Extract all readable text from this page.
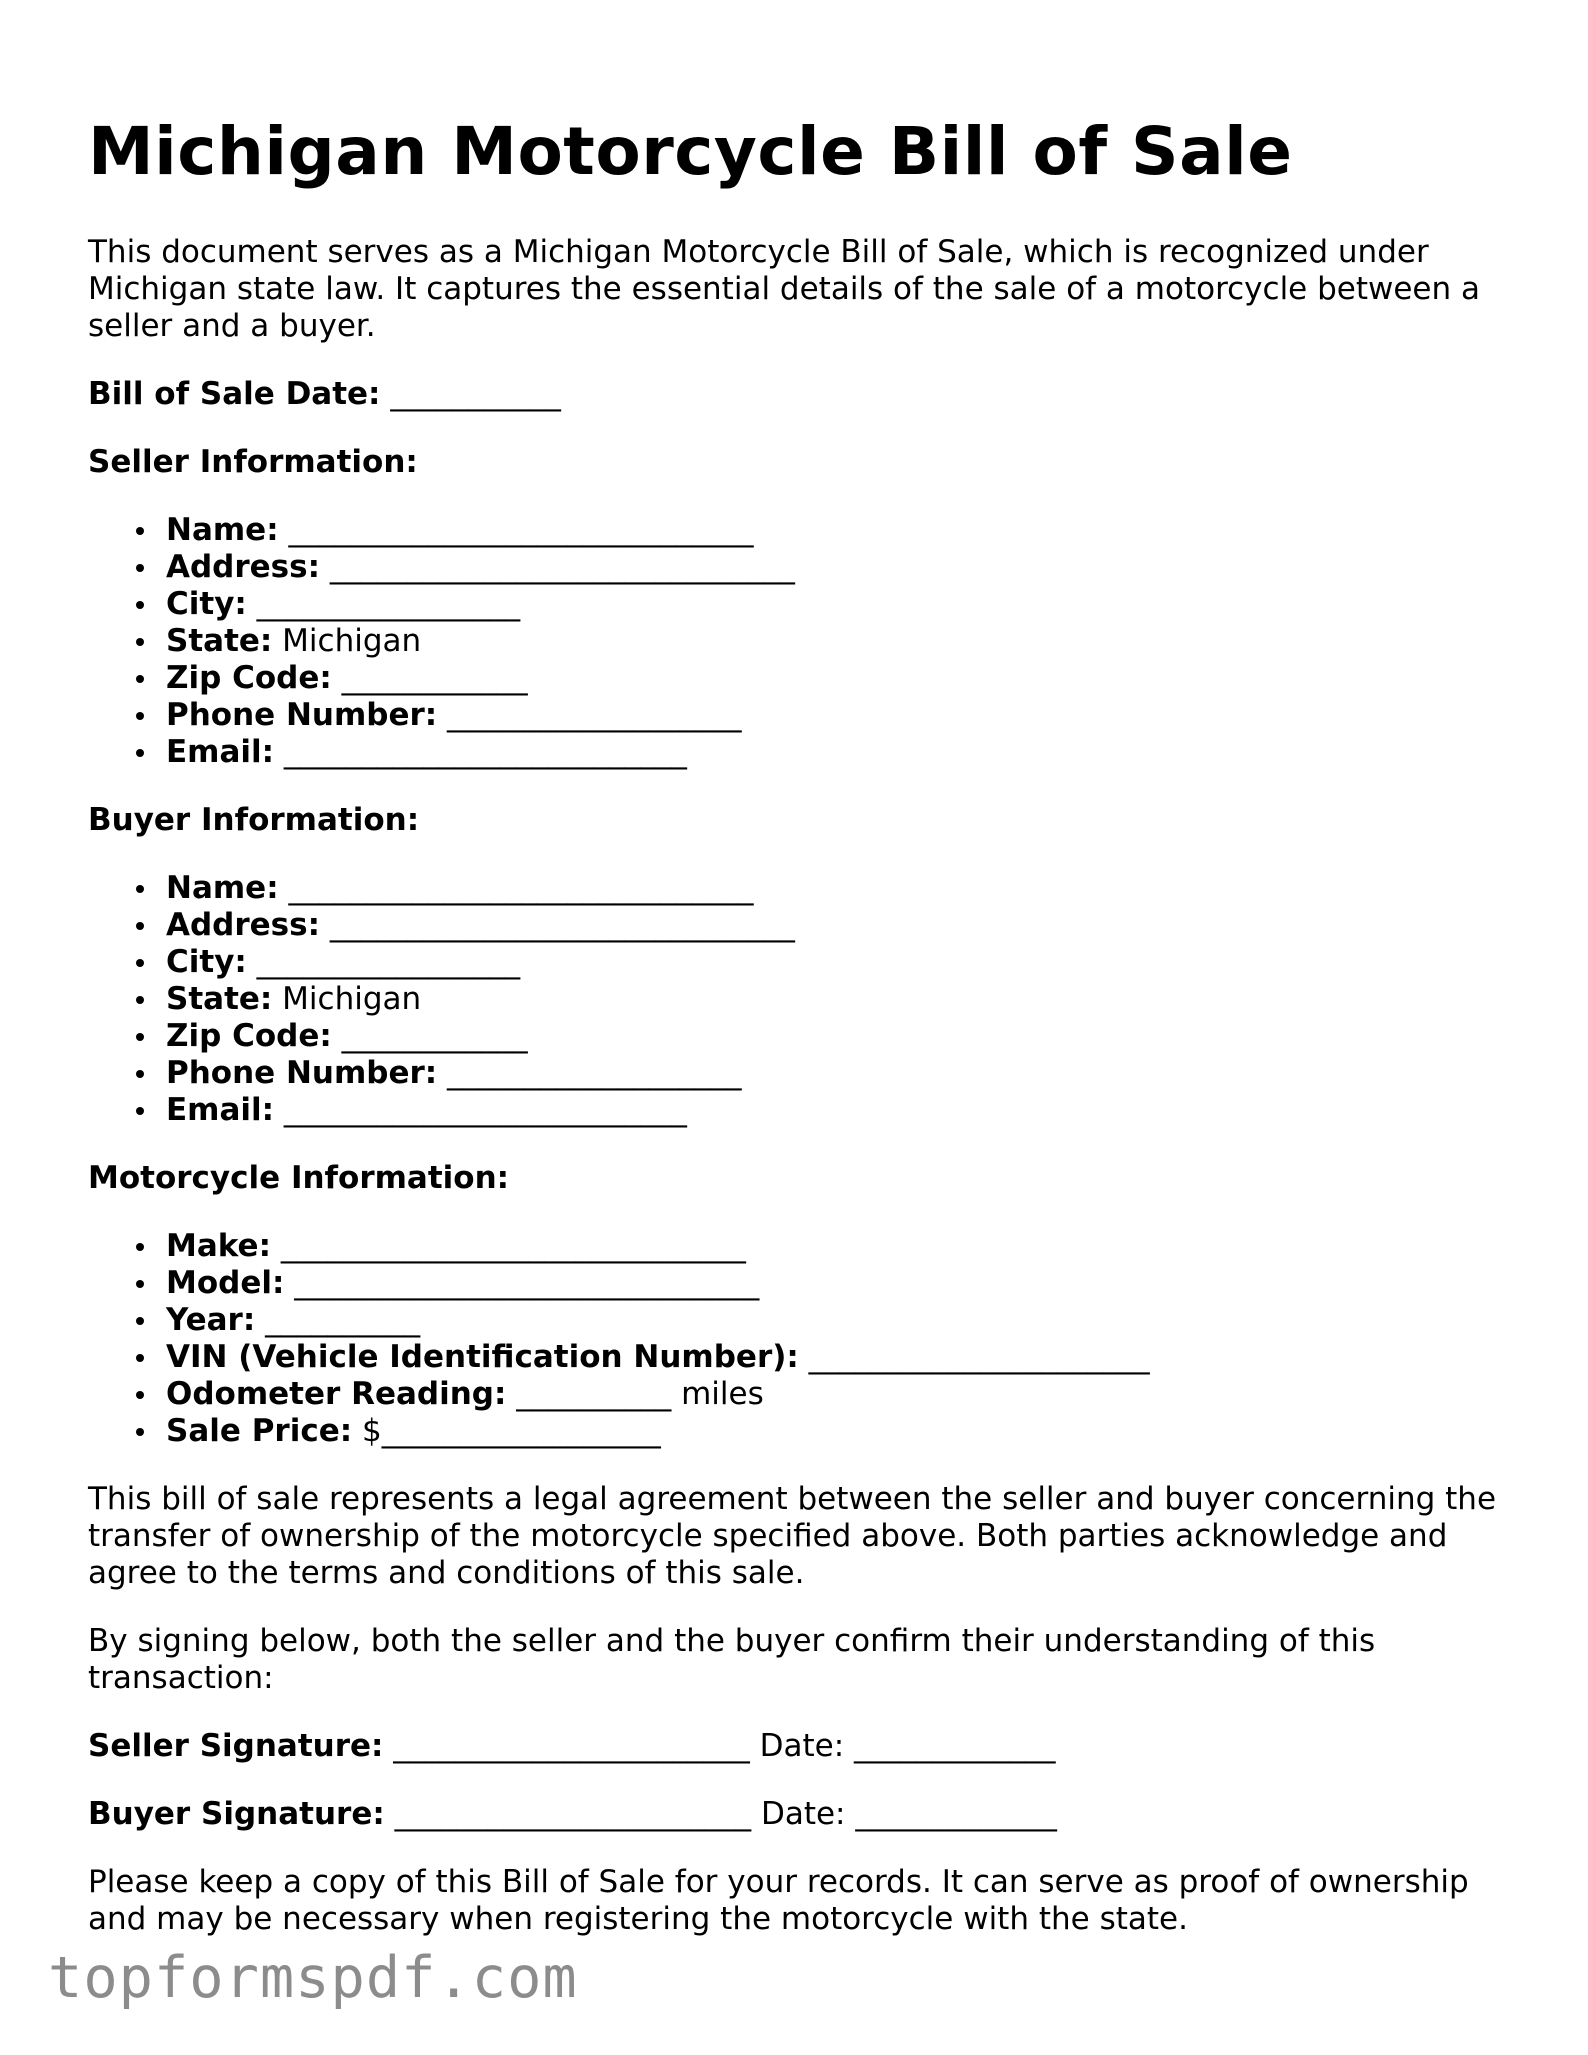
Michigan Motorcycle Bill of Sale

This document serves as a Michigan Motorcycle Bill of Sale, which is recognized under Michigan state law. It captures the essential details of the sale of a motorcycle between a seller and a buyer.

Bill of Sale Date: ___________

Seller Information:

Name: ______________________________
Address: ______________________________
City: _________________
State: Michigan
Zip Code: ____________
Phone Number: ___________________
Email: __________________________

Buyer Information:

Name: ______________________________
Address: ______________________________
City: _________________
State: Michigan
Zip Code: ____________
Phone Number: ___________________
Email: __________________________

Motorcycle Information:

Make: ______________________________
Model: ______________________________
Year: __________
VIN (Vehicle Identification Number): ______________________
Odometer Reading: __________ miles
Sale Price: $__________________

This bill of sale represents a legal agreement between the seller and buyer concerning the transfer of ownership of the motorcycle specified above. Both parties acknowledge and agree to the terms and conditions of this sale.

By signing below, both the seller and the buyer confirm their understanding of this transaction:

Seller Signature: _______________________ Date: _____________

Buyer Signature: _______________________ Date: _____________

Please keep a copy of this Bill of Sale for your records. It can serve as proof of ownership and may be necessary when registering the motorcycle with the state.

topformspdf.com
